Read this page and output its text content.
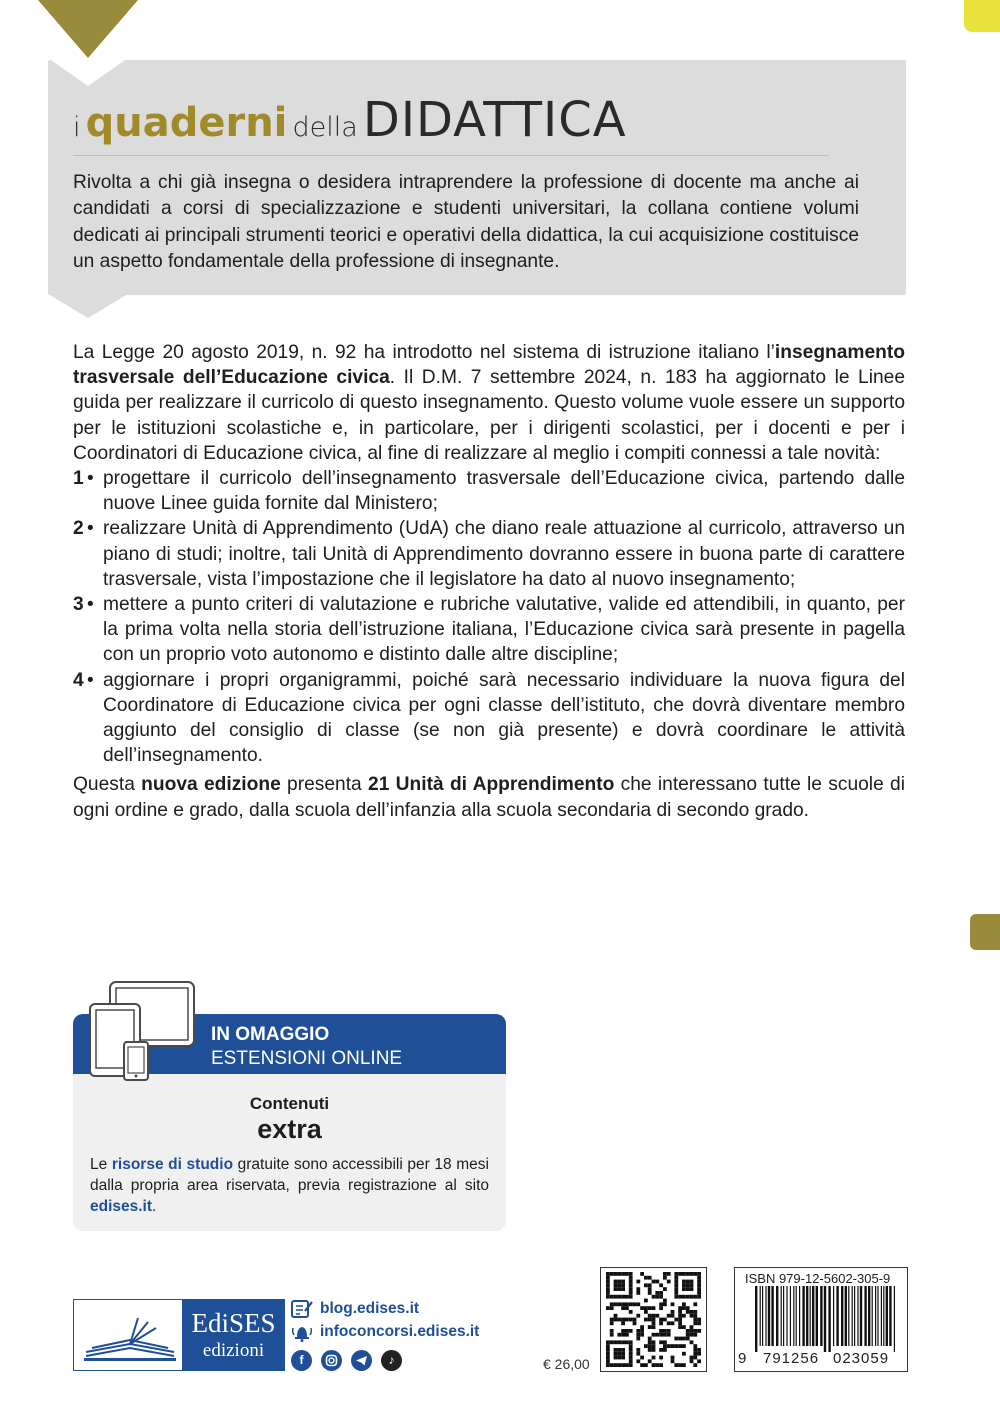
i quaderni della DIDATTICA
Rivolta a chi già insegna o desidera intraprendere la professione di docente ma anche ai candidati a corsi di specializzazione e studenti universitari, la collana contiene volumi dedicati ai principali strumenti teorici e operativi della didattica, la cui acquisizione costituisce un aspetto fondamentale della professione di insegnante.

La Legge 20 agosto 2019, n. 92 ha introdotto nel sistema di istruzione italiano l’insegnamento trasversale dell’Educazione civica. Il D.M. 7 settembre 2024, n. 183 ha aggiornato le Linee guida per realizzare il curricolo di questo insegnamento. Questo volume vuole essere un supporto per le istituzioni scolastiche e, in particolare, per i dirigenti scolastici, per i docenti e per i Coordinatori di Educazione civica, al fine di realizzare al meglio i compiti connessi a tale novità:

1 • progettare il curricolo dell’insegnamento trasversale dell’Educazione civica, partendo dalle nuove Linee guida fornite dal Ministero;
2 • realizzare Unità di Apprendimento (UdA) che diano reale attuazione al curricolo, attraverso un piano di studi; inoltre, tali Unità di Apprendimento dovranno essere in buona parte di carattere trasversale, vista l’impostazione che il legislatore ha dato al nuovo insegnamento;
3 • mettere a punto criteri di valutazione e rubriche valutative, valide ed attendibili, in quanto, per la prima volta nella storia dell’istruzione italiana, l’Educazione civica sarà presente in pagella con un proprio voto autonomo e distinto dalle altre discipline;
4 • aggiornare i propri organigrammi, poiché sarà necessario individuare la nuova figura del Coordinatore di Educazione civica per ogni classe dell’istituto, che dovrà diventare membro aggiunto del consiglio di classe (se non già presente) e dovrà coordinare le attività dell’insegnamento.

Questa nuova edizione presenta 21 Unità di Apprendimento che interessano tutte le scuole di ogni ordine e grado, dalla scuola dell’infanzia alla scuola secondaria di secondo grado.

IN OMAGGIO
ESTENSIONI ONLINE
Contenuti
extra
Le risorse di studio gratuite sono accessibili per 18 mesi dalla propria area riservata, previa registrazione al sito edises.it.
EdiSES
edizioni
blog.edises.it
infoconcorsi.edises.it
f	♪	€ 26,00
ISBN 979-12-5602-305-9
9 791256 023059
